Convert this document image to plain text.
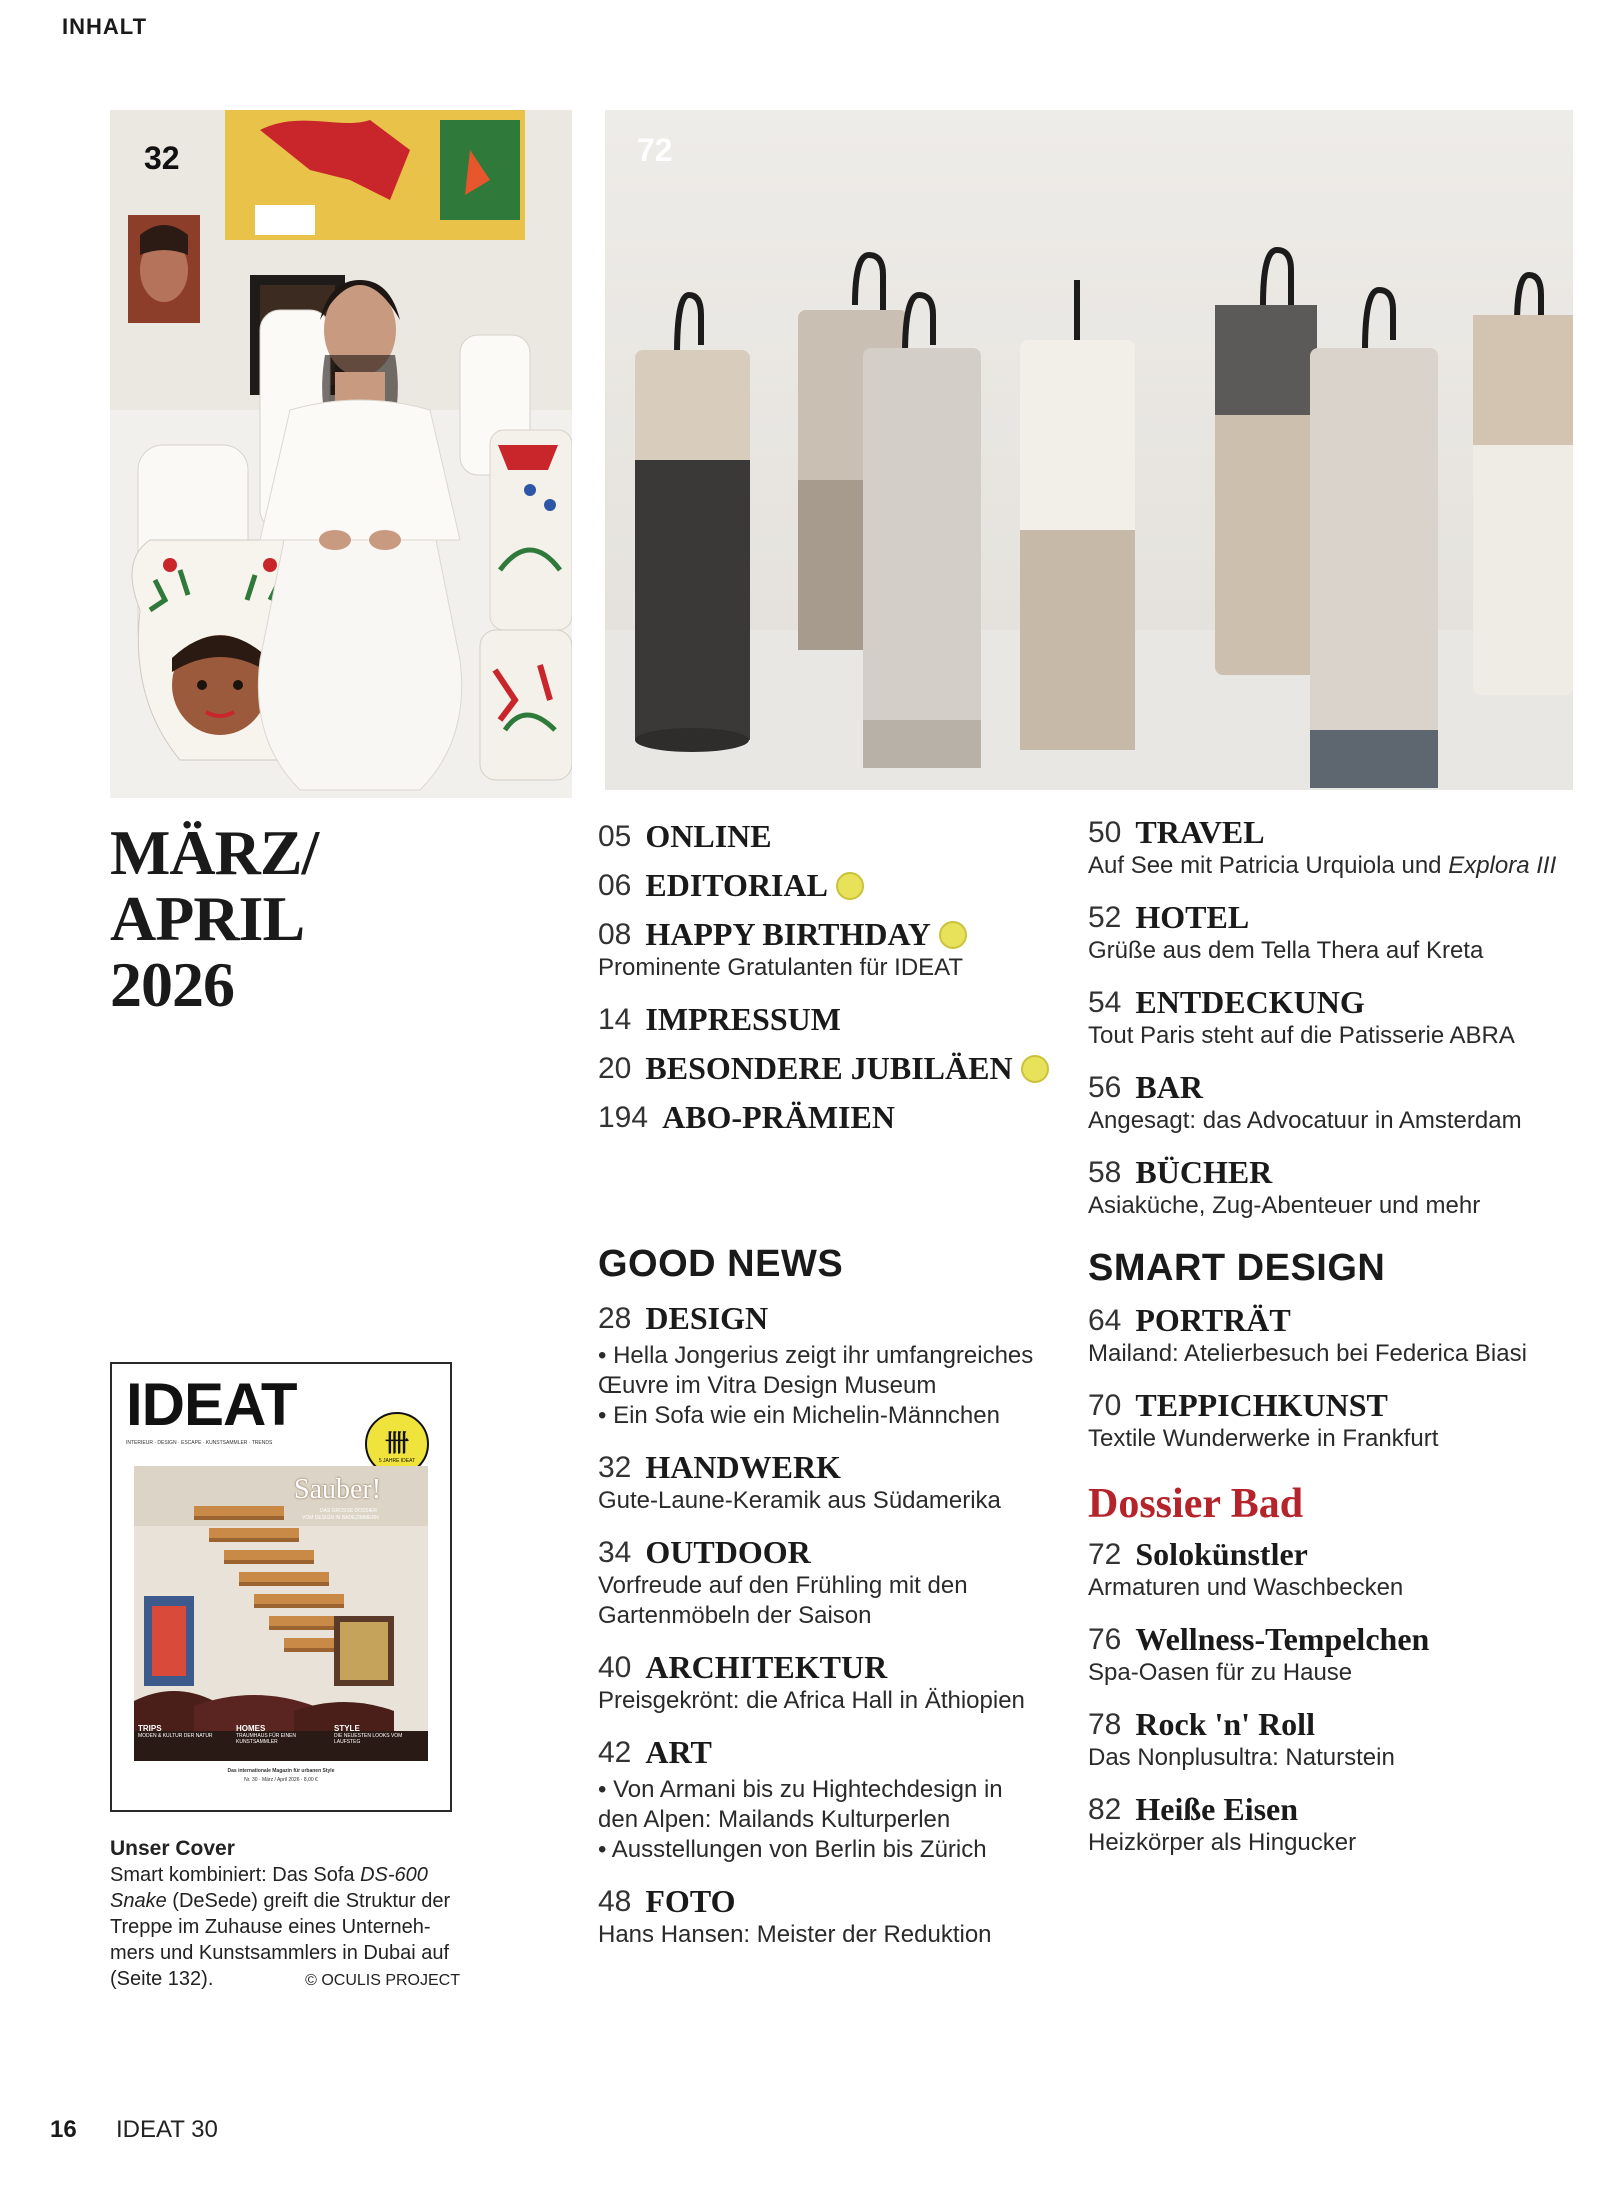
INHALT
32	72
MÄRZ/
APRIL
2026
05 ONLINE
06 EDITORIAL
08 HAPPY BIRTHDAY
Prominente Gratulanten für IDEAT
14 IMPRESSUM
20 BESONDERE JUBILÄEN
194 ABO-PRÄMIEN
GOOD NEWS
28 DESIGN
• Hella Jongerius zeigt ihr umfangreiches
Œuvre im Vitra Design Museum
• Ein Sofa wie ein Michelin-Männchen
32 HANDWERK
Gute-Laune-Keramik aus Südamerika
34 OUTDOOR
Vorfreude auf den Frühling mit den
Gartenmöbeln der Saison
40 ARCHITEKTUR
Preisgekrönt: die Africa Hall in Äthiopien
42 ART
• Von Armani bis zu Hightechdesign in
den Alpen: Mailands Kulturperlen
• Ausstellungen von Berlin bis Zürich
48 FOTO
Hans Hansen: Meister der Reduktion
50 TRAVEL
Auf See mit Patricia Urquiola und Explora III
52 HOTEL
Grüße aus dem Tella Thera auf Kreta
54 ENTDECKUNG
Tout Paris steht auf die Patisserie ABRA
56 BAR
Angesagt: das Advocatuur in Amsterdam
58 BÜCHER
Asiaküche, Zug-Abenteuer und mehr
SMART DESIGN
64 PORTRÄT
Mailand: Atelierbesuch bei Federica Biasi
70 TEPPICHKUNST
Textile Wunderwerke in Frankfurt
Dossier Bad
72 Solokünstler
Armaturen und Waschbecken
76 Wellness-Tempelchen
Spa-Oasen für zu Hause
78 Rock 'n' Roll
Das Nonplusultra: Naturstein
82 Heiße Eisen
Heizkörper als Hingucker
IDEAT
INTERIEUR · DESIGN · ESCAPE · KUNSTSAMMLER · TRENDS	卌
5 JAHRE IDEAT
Sauber!
DAS GROSSE DOSSIER
VOM DESIGN IN BADEZIMMERN
TRIPS
MODEN & KULTUR DER NATUR
HOMES
TRAUMHAUS FÜR EINEN KUNSTSAMMLER
STYLE
DIE NEUESTEN LOOKS VOM LAUFSTEG
Das internationale Magazin für urbanen Style
Nr. 30 · März / April 2026 · 8,00 €
Unser Cover
Smart kombiniert: Das Sofa DS-600
Snake (DeSede) greift die Struktur der
Treppe im Zuhause eines Unterneh-
mers und Kunstsammlers in Dubai auf
(Seite 132).	© OCULIS PROJECT
16 IDEAT 30
